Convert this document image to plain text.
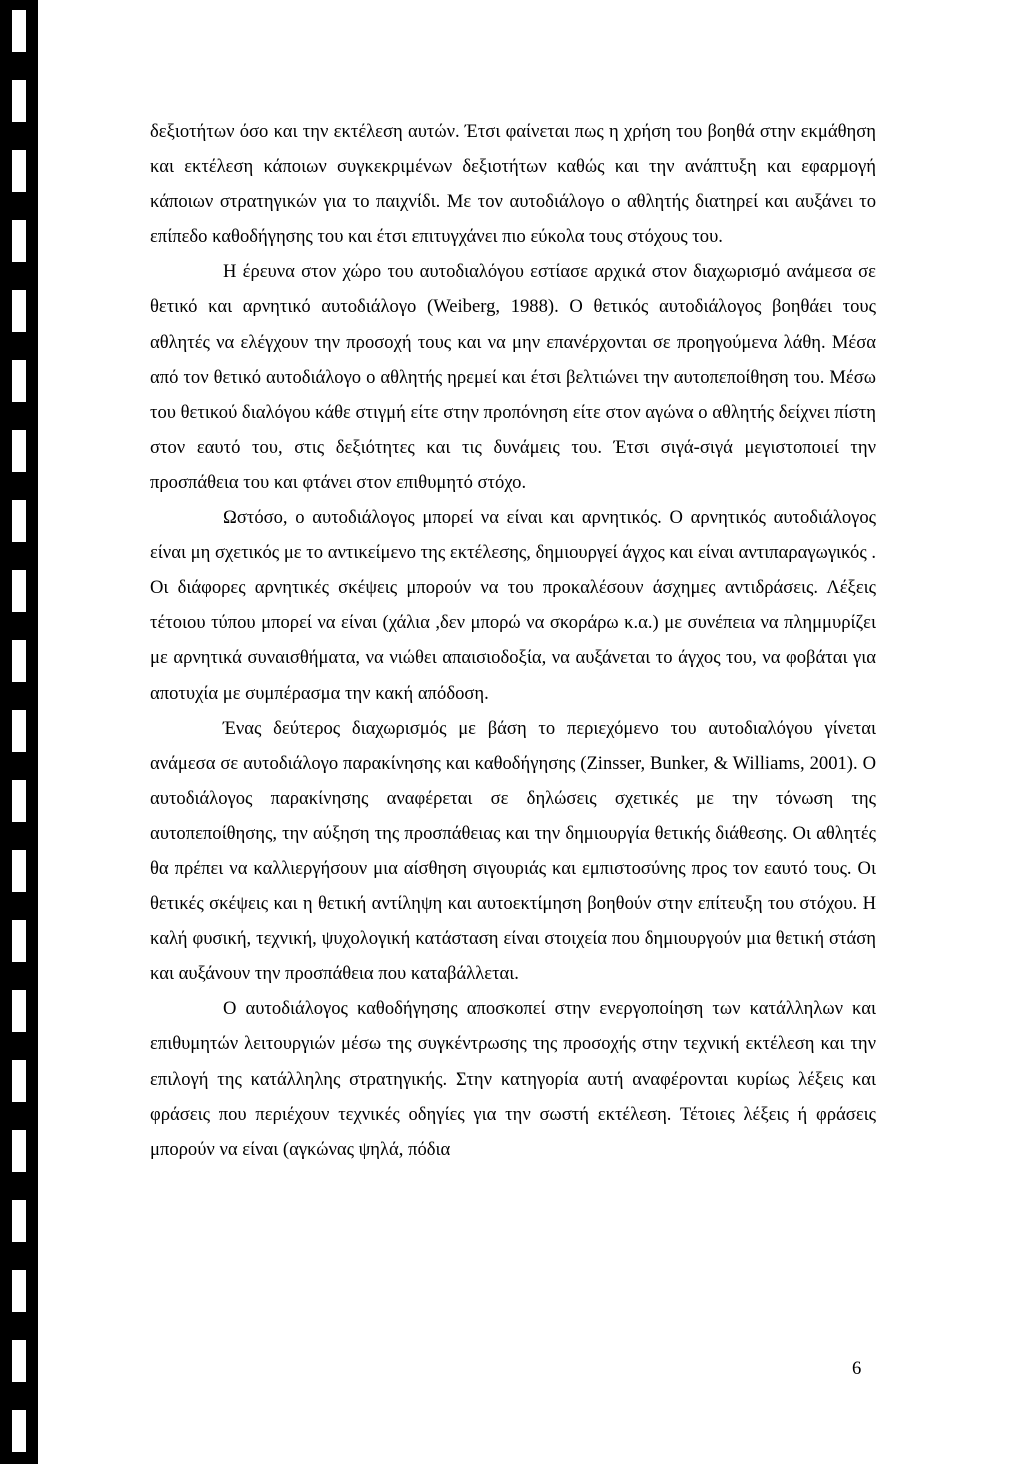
δεξιοτήτων όσο και την εκτέλεση αυτών. Έτσι φαίνεται πως η χρήση του βοηθά στην εκμάθηση και εκτέλεση κάποιων συγκεκριμένων δεξιοτήτων καθώς και την ανάπτυξη και εφαρμογή κάποιων στρατηγικών για το παιχνίδι. Με τον αυτοδιάλογο ο αθλητής διατηρεί και αυξάνει το επίπεδο καθοδήγησης του και έτσι επιτυγχάνει πιο εύκολα τους στόχους του.

Η έρευνα στον χώρο του αυτοδιαλόγου εστίασε αρχικά στον διαχωρισμό ανάμεσα σε θετικό και αρνητικό αυτοδιάλογο (Weiberg, 1988). Ο θετικός αυτοδιάλογος βοηθάει τους αθλητές να ελέγχουν την προσοχή τους και να μην επανέρχονται σε προηγούμενα λάθη. Μέσα από τον θετικό αυτοδιάλογο ο αθλητής ηρεμεί και έτσι βελτιώνει την αυτοπεποίθηση του. Μέσω του θετικού διαλόγου κάθε στιγμή είτε στην προπόνηση είτε στον αγώνα ο αθλητής δείχνει πίστη στον εαυτό του, στις δεξιότητες και τις δυνάμεις του. Έτσι σιγά-σιγά μεγιστοποιεί την προσπάθεια του και φτάνει στον επιθυμητό στόχο.

Ωστόσο, ο αυτοδιάλογος μπορεί να είναι και αρνητικός. Ο αρνητικός αυτοδιάλογος είναι μη σχετικός με το αντικείμενο της εκτέλεσης, δημιουργεί άγχος και είναι αντιπαραγωγικός . Οι διάφορες αρνητικές σκέψεις μπορούν να του προκαλέσουν άσχημες αντιδράσεις. Λέξεις τέτοιου τύπου μπορεί να είναι (χάλια ,δεν μπορώ να σκοράρω κ.α.) με συνέπεια να πλημμυρίζει με αρνητικά συναισθήματα, να νιώθει απαισιοδοξία, να αυξάνεται το άγχος του, να φοβάται για αποτυχία με συμπέρασμα την κακή απόδοση.

Ένας δεύτερος διαχωρισμός με βάση το περιεχόμενο του αυτοδιαλόγου γίνεται ανάμεσα σε αυτοδιάλογο παρακίνησης και καθοδήγησης (Zinsser, Bunker, & Williams, 2001). Ο αυτοδιάλογος παρακίνησης αναφέρεται σε δηλώσεις σχετικές με την τόνωση της αυτοπεποίθησης, την αύξηση της προσπάθειας και την δημιουργία θετικής διάθεσης. Οι αθλητές θα πρέπει να καλλιεργήσουν μια αίσθηση σιγουριάς και εμπιστοσύνης προς τον εαυτό τους. Οι θετικές σκέψεις και η θετική αντίληψη και αυτοεκτίμηση βοηθούν στην επίτευξη του στόχου. Η καλή φυσική, τεχνική, ψυχολογική κατάσταση είναι στοιχεία που δημιουργούν μια θετική στάση και αυξάνουν την προσπάθεια που καταβάλλεται.

Ο αυτοδιάλογος καθοδήγησης αποσκοπεί στην ενεργοποίηση των κατάλληλων και επιθυμητών λειτουργιών μέσω της συγκέντρωσης της προσοχής στην τεχνική εκτέλεση και την επιλογή της κατάλληλης στρατηγικής. Στην κατηγορία αυτή αναφέρονται κυρίως λέξεις και φράσεις που περιέχουν τεχνικές οδηγίες για την σωστή εκτέλεση. Τέτοιες λέξεις ή φράσεις μπορούν να είναι (αγκώνας ψηλά, πόδια

6
